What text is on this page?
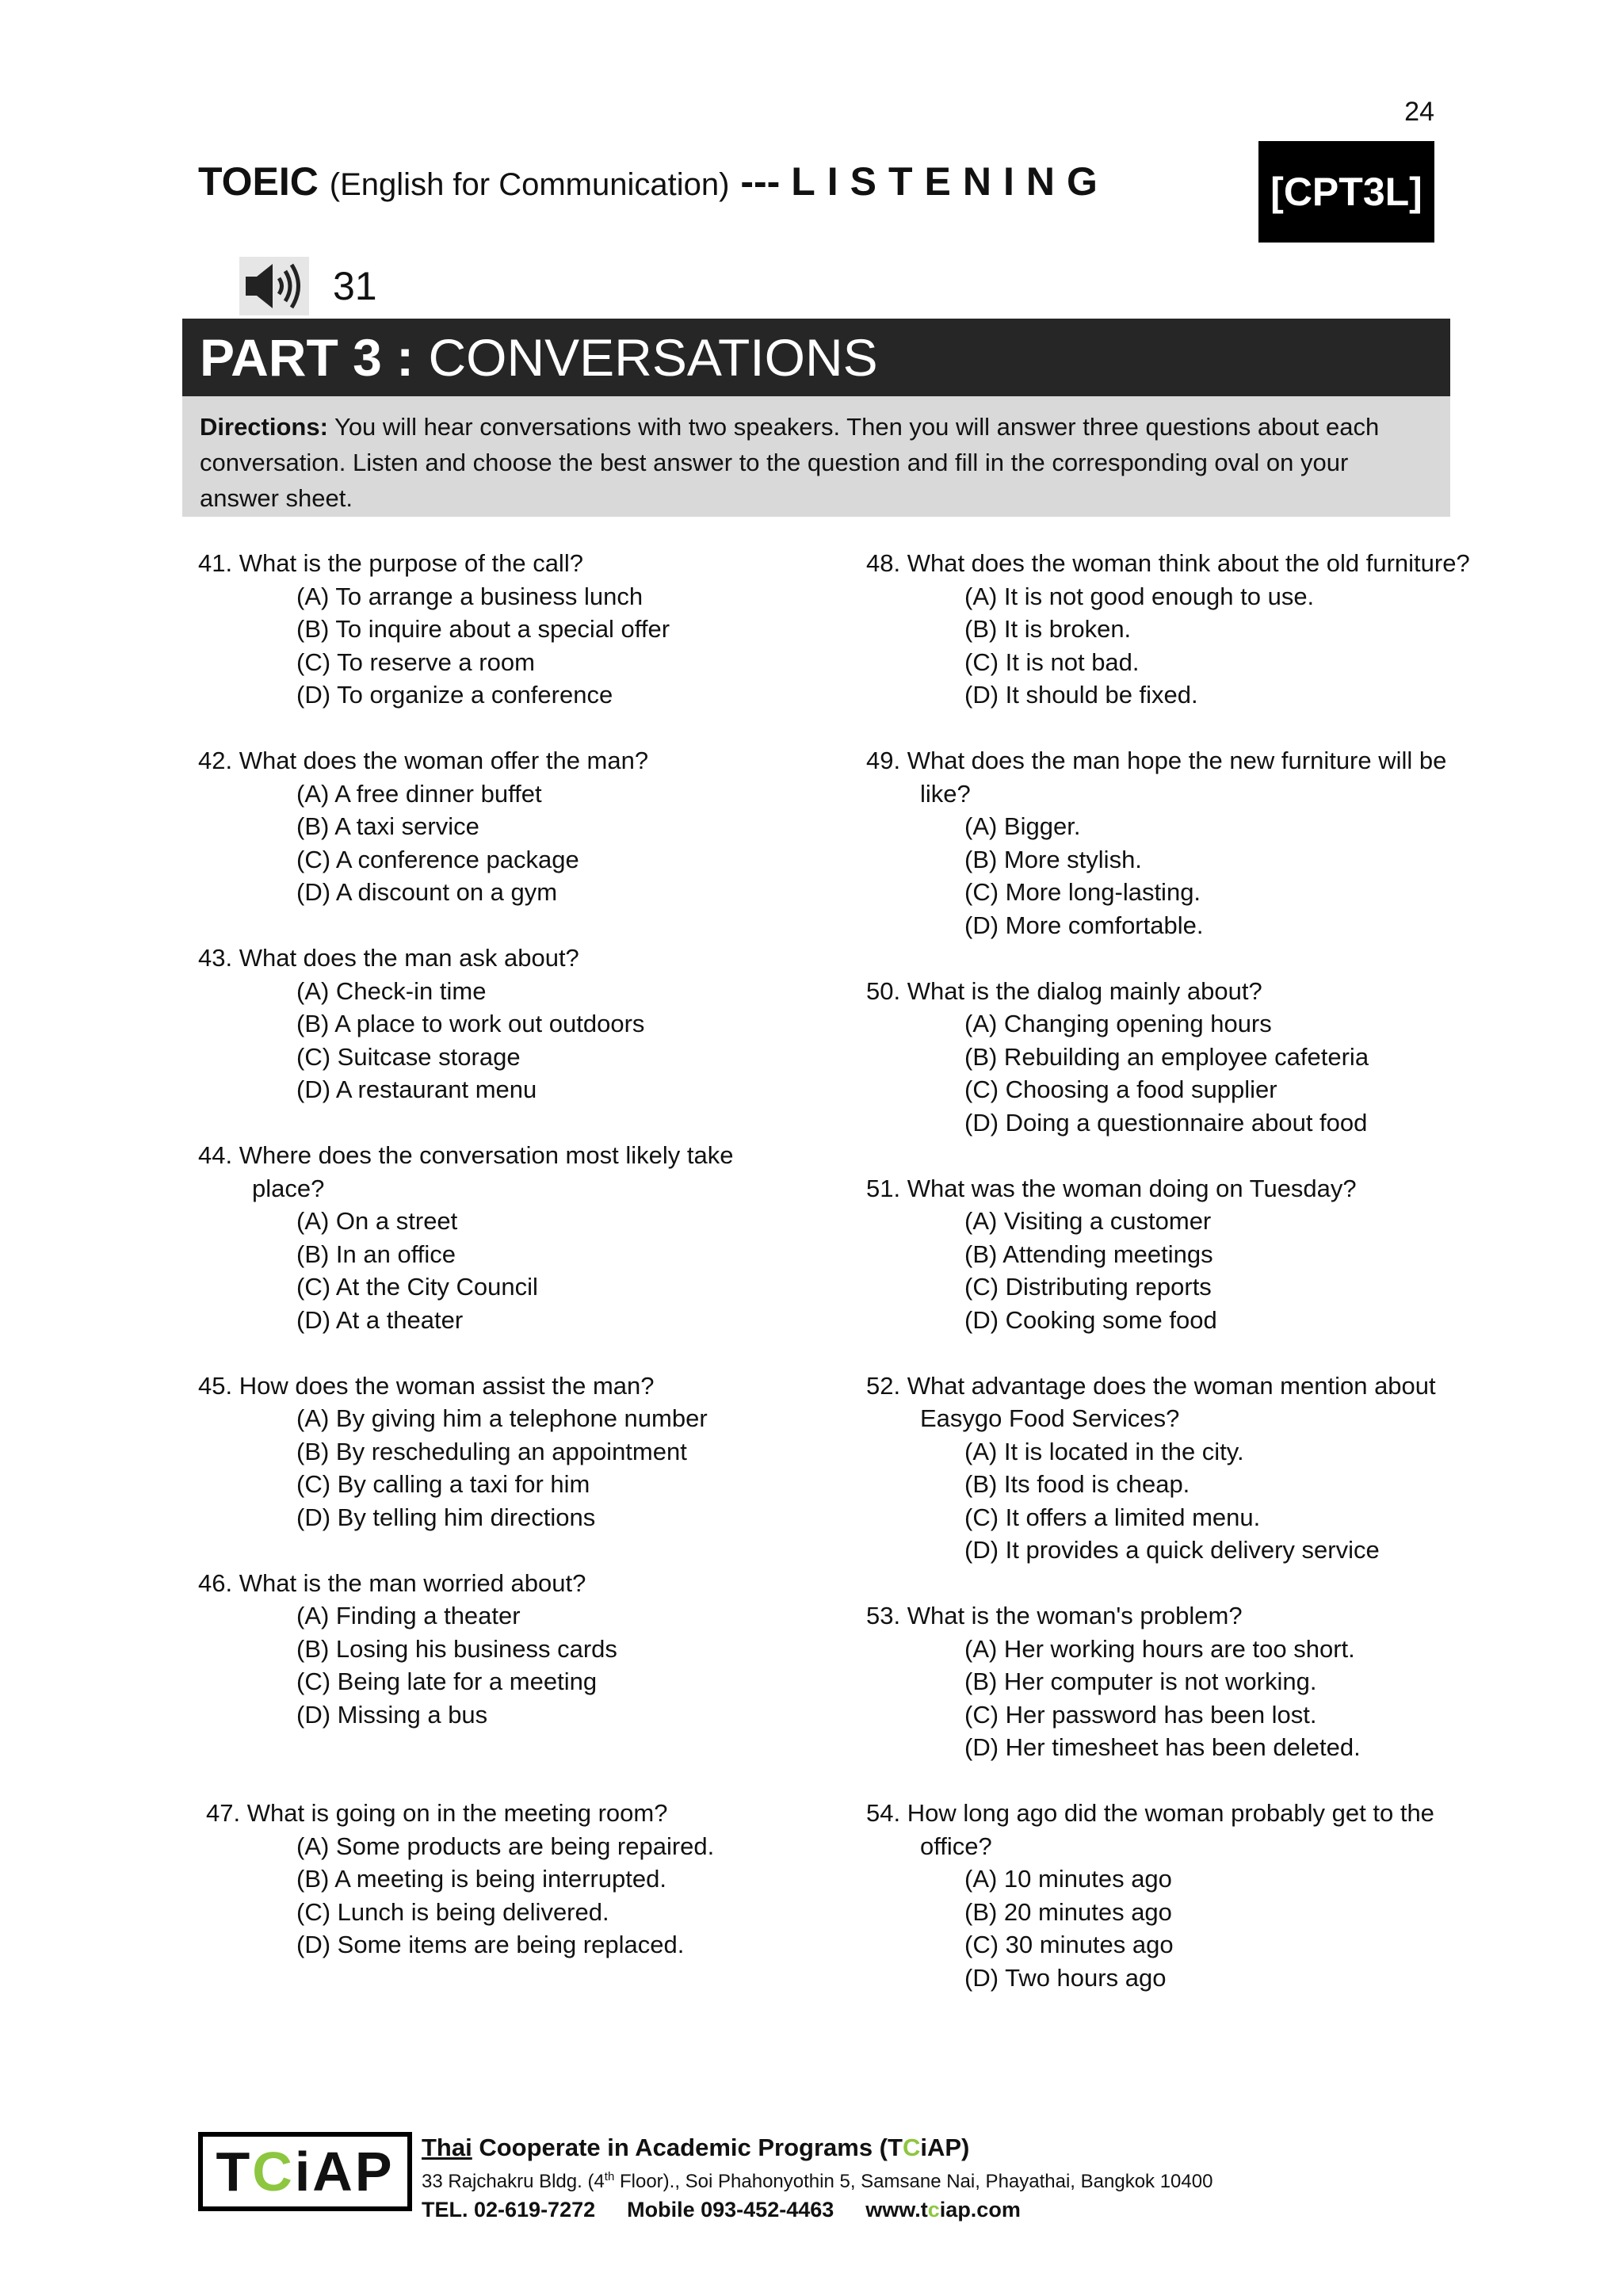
24
TOEIC (English for Communication) --- LISTENING	[CPT3L]
31
PART 3 :
CONVERSATIONS
Directions: You will hear conversations with two speakers. Then you will answer three questions about each conversation. Listen and choose the best answer to the question and fill in the corresponding oval on your answer sheet.
41. What is the purpose of the call?
(A) To arrange a business lunch
(B) To inquire about a special offer
(C) To reserve a room
(D) To organize a conference
42. What does the woman offer the man?
(A) A free dinner buffet
(B) A taxi service
(C) A conference package
(D) A discount on a gym
43. What does the man ask about?
(A) Check-in time
(B) A place to work out outdoors
(C) Suitcase storage
(D) A restaurant menu
44. Where does the conversation most likely take place?
(A) On a street
(B) In an office
(C) At the City Council
(D) At a theater
45. How does the woman assist the man?
(A) By giving him a telephone number
(B) By rescheduling an appointment
(C) By calling a taxi for him
(D) By telling him directions
46. What is the man worried about?
(A) Finding a theater
(B) Losing his business cards
(C) Being late for a meeting
(D) Missing a bus
47. What is going on in the meeting room?
(A) Some products are being repaired.
(B) A meeting is being interrupted.
(C) Lunch is being delivered.
(D) Some items are being replaced.
48. What does the woman think about the old furniture?
(A) It is not good enough to use.
(B) It is broken.
(C) It is not bad.
(D) It should be fixed.
49. What does the man hope the new furniture will be like?
(A) Bigger.
(B) More stylish.
(C) More long-lasting.
(D) More comfortable.
50. What is the dialog mainly about?
(A) Changing opening hours
(B) Rebuilding an employee cafeteria
(C) Choosing a food supplier
(D) Doing a questionnaire about food
51. What was the woman doing on Tuesday?
(A) Visiting a customer
(B) Attending meetings
(C) Distributing reports
(D) Cooking some food
52. What advantage does the woman mention about Easygo Food Services?
(A) It is located in the city.
(B) Its food is cheap.
(C) It offers a limited menu.
(D) It provides a quick delivery service
53. What is the woman's problem?
(A) Her working hours are too short.
(B) Her computer is not working.
(C) Her password has been lost.
(D) Her timesheet has been deleted.
54. How long ago did the woman probably get to the office?
(A) 10 minutes ago
(B) 20 minutes ago
(C) 30 minutes ago
(D) Two hours ago
T C i AP Thai Cooperate in Academic Programs (TCiAP)
33 Rajchakru Bldg. (4th Floor)., Soi Phahonyothin 5, Samsane Nai, Phayathai, Bangkok 10400
TEL. 02-619-7272 Mobile 093-452-4463 www.tciap.com
